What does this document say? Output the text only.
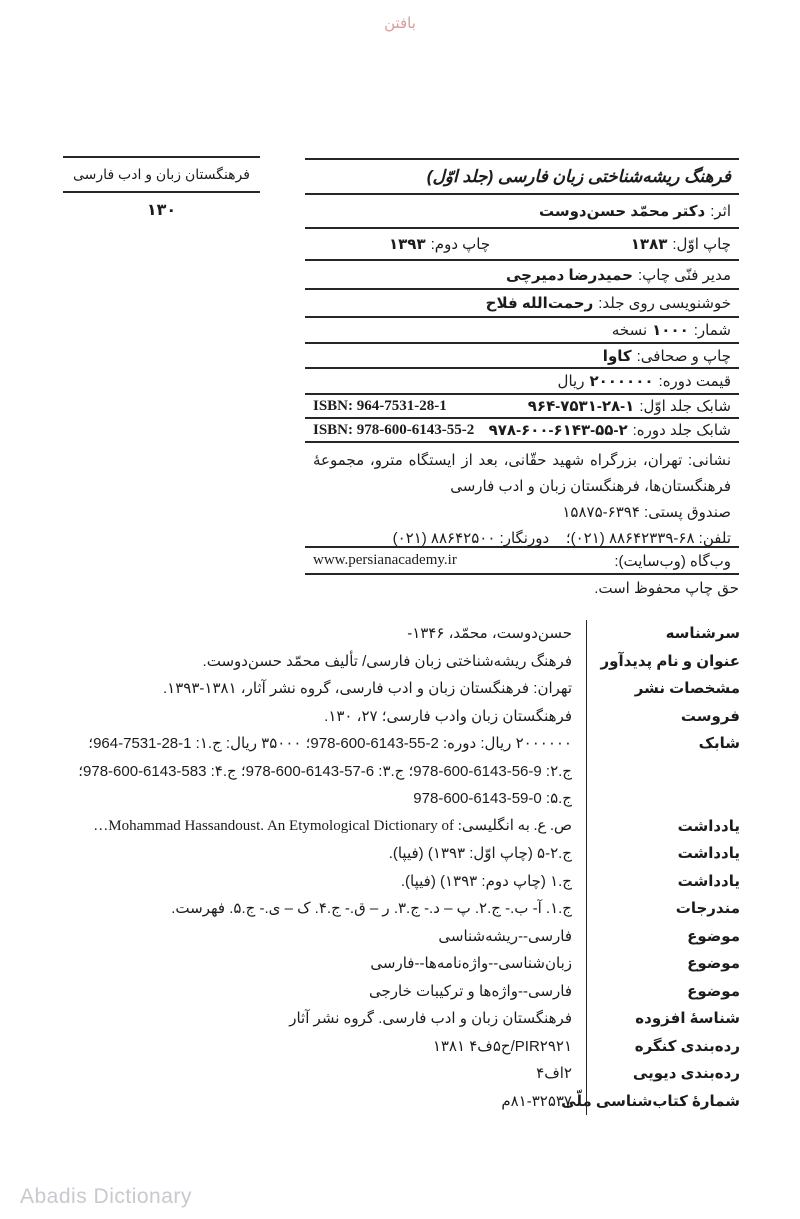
بافتن
فرهنگستان زبان و ادب فارسی
۱۳۰
فرهنگ ریشه‌شناختی زبان فارسی (جلد اوّل)
اثر:
دکتر محمّد حسن‌دوست
چاپ اوّل:
۱۳۸۳
چاپ دوم:
۱۳۹۳
مدیر فنّی چاپ:
حمیدرضا دمیرچی
خوشنویسی روی جلد:
رحمت‌الله فلاح
شمار:
۱۰۰۰
نسخه
چاپ و صحافی:
کاوا
قیمت دوره:
۲۰۰۰۰۰۰
ریال
شابک جلد اوّل:
‎۹۶۴-۷۵۳۱-۲۸-۱
ISBN: 964-7531-28-1
شابک جلد دوره:
‎۹۷۸-۶۰۰-۶۱۴۳-۵۵-۲
ISBN: 978-600-6143-55-2
نشانی: تهران، بزرگراه شهید حقّانی، بعد از ایستگاه مترو، مجموعۀ
فرهنگستان‌ها، فرهنگستان زبان و ادب فارسی
صندوق پستی: ‎۱۵۸۷۵-۶۳۹۴
تلفن: ۶۸-۸۸۶۴۲۳۳۹ (۰۲۱)؛    دورنگار: ۸۸۶۴۲۵۰۰ (۰۲۱)
وب‌گاه (وب‌سایت):
www.persianacademy.ir
حق چاپ محفوظ است.
سرشناسه
حسن‌دوست، محمّد، ۱۳۴۶-
عنوان و نام پدیدآور
فرهنگ ریشه‌شناختی زبان فارسی/ تألیف محمّد حسن‌دوست.
مشخصات نشر
تهران: فرهنگستان زبان و ادب فارسی، گروه نشر آثار، ۱۳۸۱-۱۳۹۳.
فروست
فرهنگستان زبان وادب فارسی؛ ۲۷، ۱۳۰.
شابک
۲۰۰۰۰۰۰ ریال: دوره: ‎978-600-6143-55-2؛ ۳۵۰۰۰ ریال: ج.۱: ‎964-7531-28-1؛
ج.۲: ‎978-600-6143-56-9؛ ج.۳: ‎978-600-6143-57-6؛ ج.۴: ‎978-600-6143-583؛
ج.۵: ‎978-600-6143-59-0
یادداشت
ص. ع. به انگلیسی: Mohammad Hassandoust. An Etymological Dictionary of…
یادداشت
ج.۲-۵ (چاپ اوّل: ۱۳۹۳) (فیپا).
یادداشت
ج.۱ (چاپ دوم: ۱۳۹۳) (فیپا).
مندرجات
ج.۱. آ- ب.- ج.۲. پ – د.- ج.۳. ر – ق.- ج.۴. ک – ی.- ج.۵. فهرست.
موضوع
فارسی--ریشه‌شناسی
موضوع
زبان‌شناسی--واژه‌نامه‌ها--فارسی
موضوع
فارسی--واژه‌ها و ترکیبات خارجی
شناسۀ افزوده
فرهنگستان زبان و ادب فارسی. گروه نشر آثار
رده‌بندی کنگره
PIR۲۹۲۱/ح۵ف۴ ۱۳۸۱
رده‌بندی دیویی
۴فا۲
شمارۀ کتاب‌شناسی ملّی
م۸۱-۳۲۵۳۷
Abadis Dictionary
